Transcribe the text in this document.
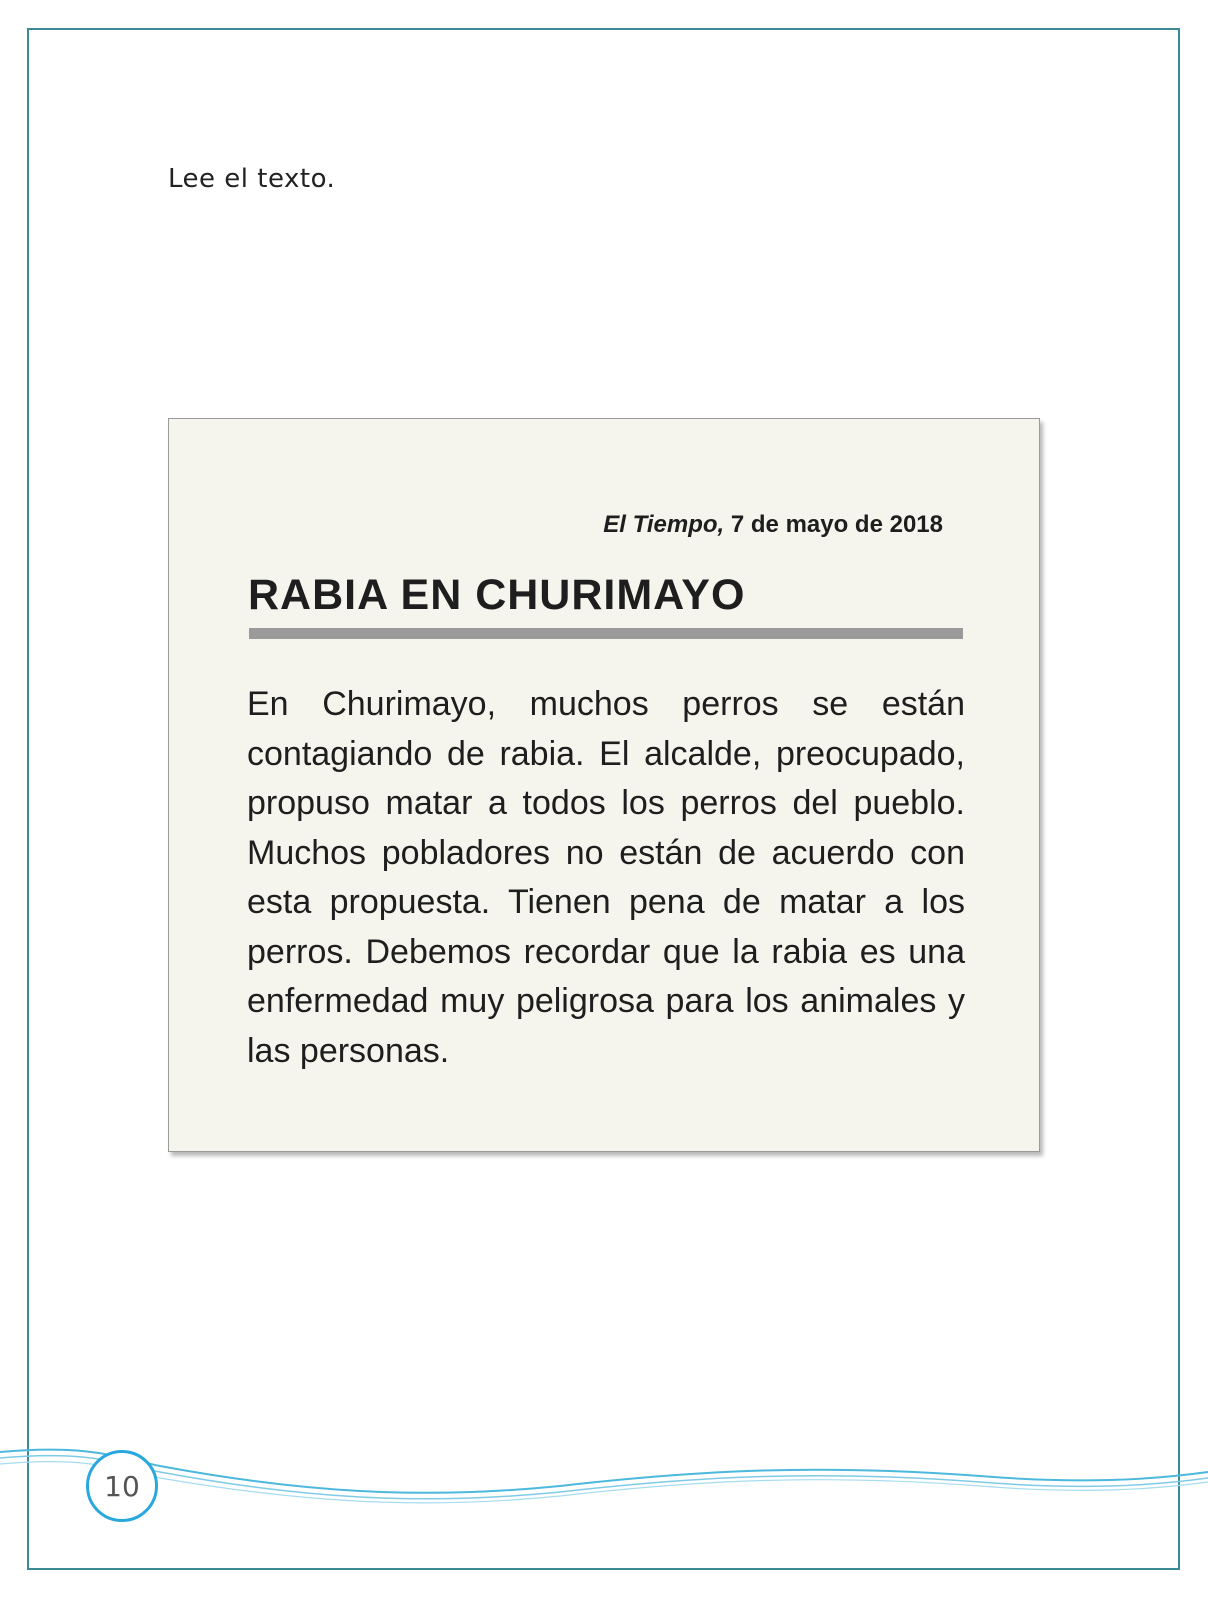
Lee el texto.
El Tiempo, 7 de mayo de 2018
RABIA EN CHURIMAYO
En Churimayo, muchos perros se están contagiando de rabia. El alcalde, preocupado, propuso matar a todos los perros del pueblo. Muchos pobladores no están de acuerdo con esta propuesta. Tienen pena de matar a los perros. Debemos recordar que la rabia es una enfermedad muy peligrosa para los animales y las personas.
10
